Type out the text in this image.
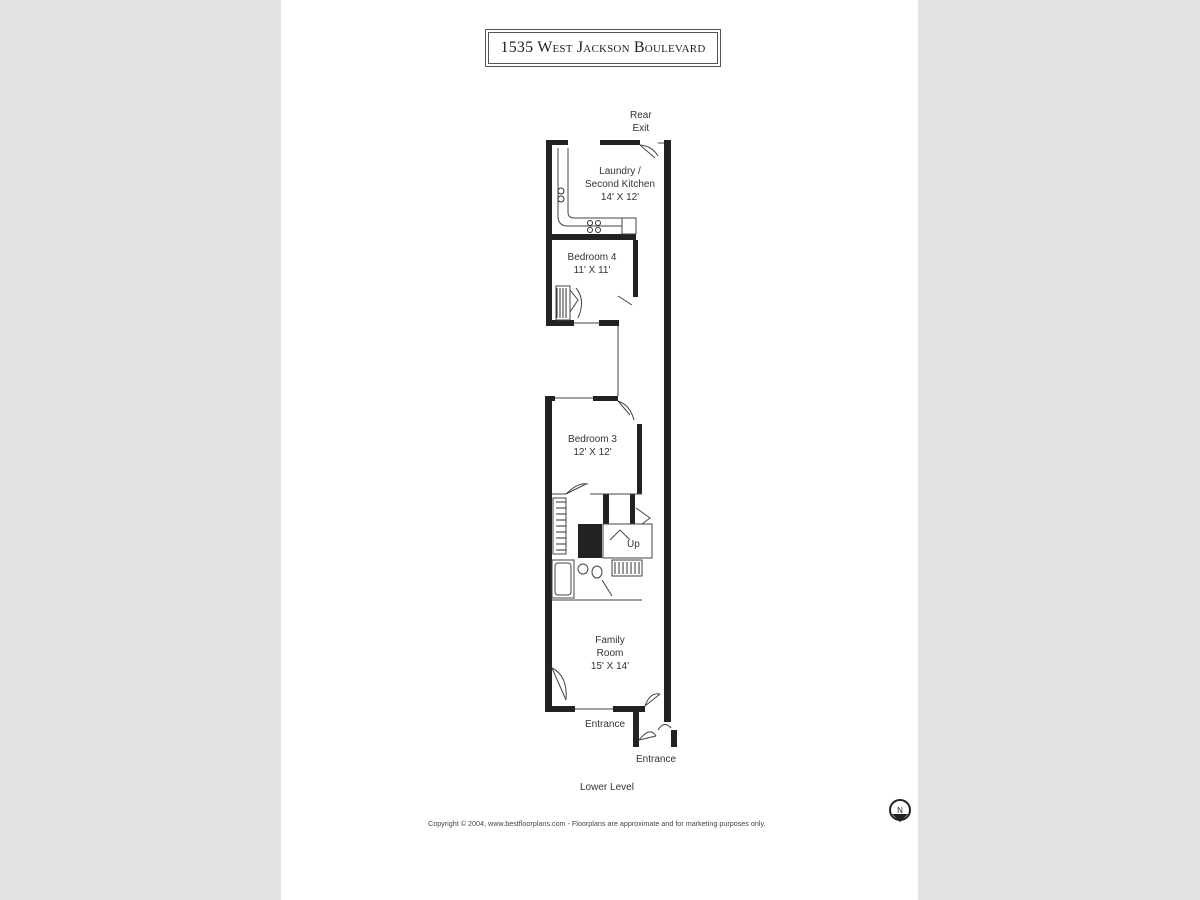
1535 West Jackson Boulevard
N
Rear
Exit
Laundry /
Second Kitchen
14' X 12'
Bedroom 4
11' X 11'
Bedroom 3
12' X 12'
Up
Family
Room
15' X 14'
Entrance
Entrance
Lower Level
Copyright © 2004, www.bestfloorplans.com - Floorplans are approximate and for marketing purposes only.
